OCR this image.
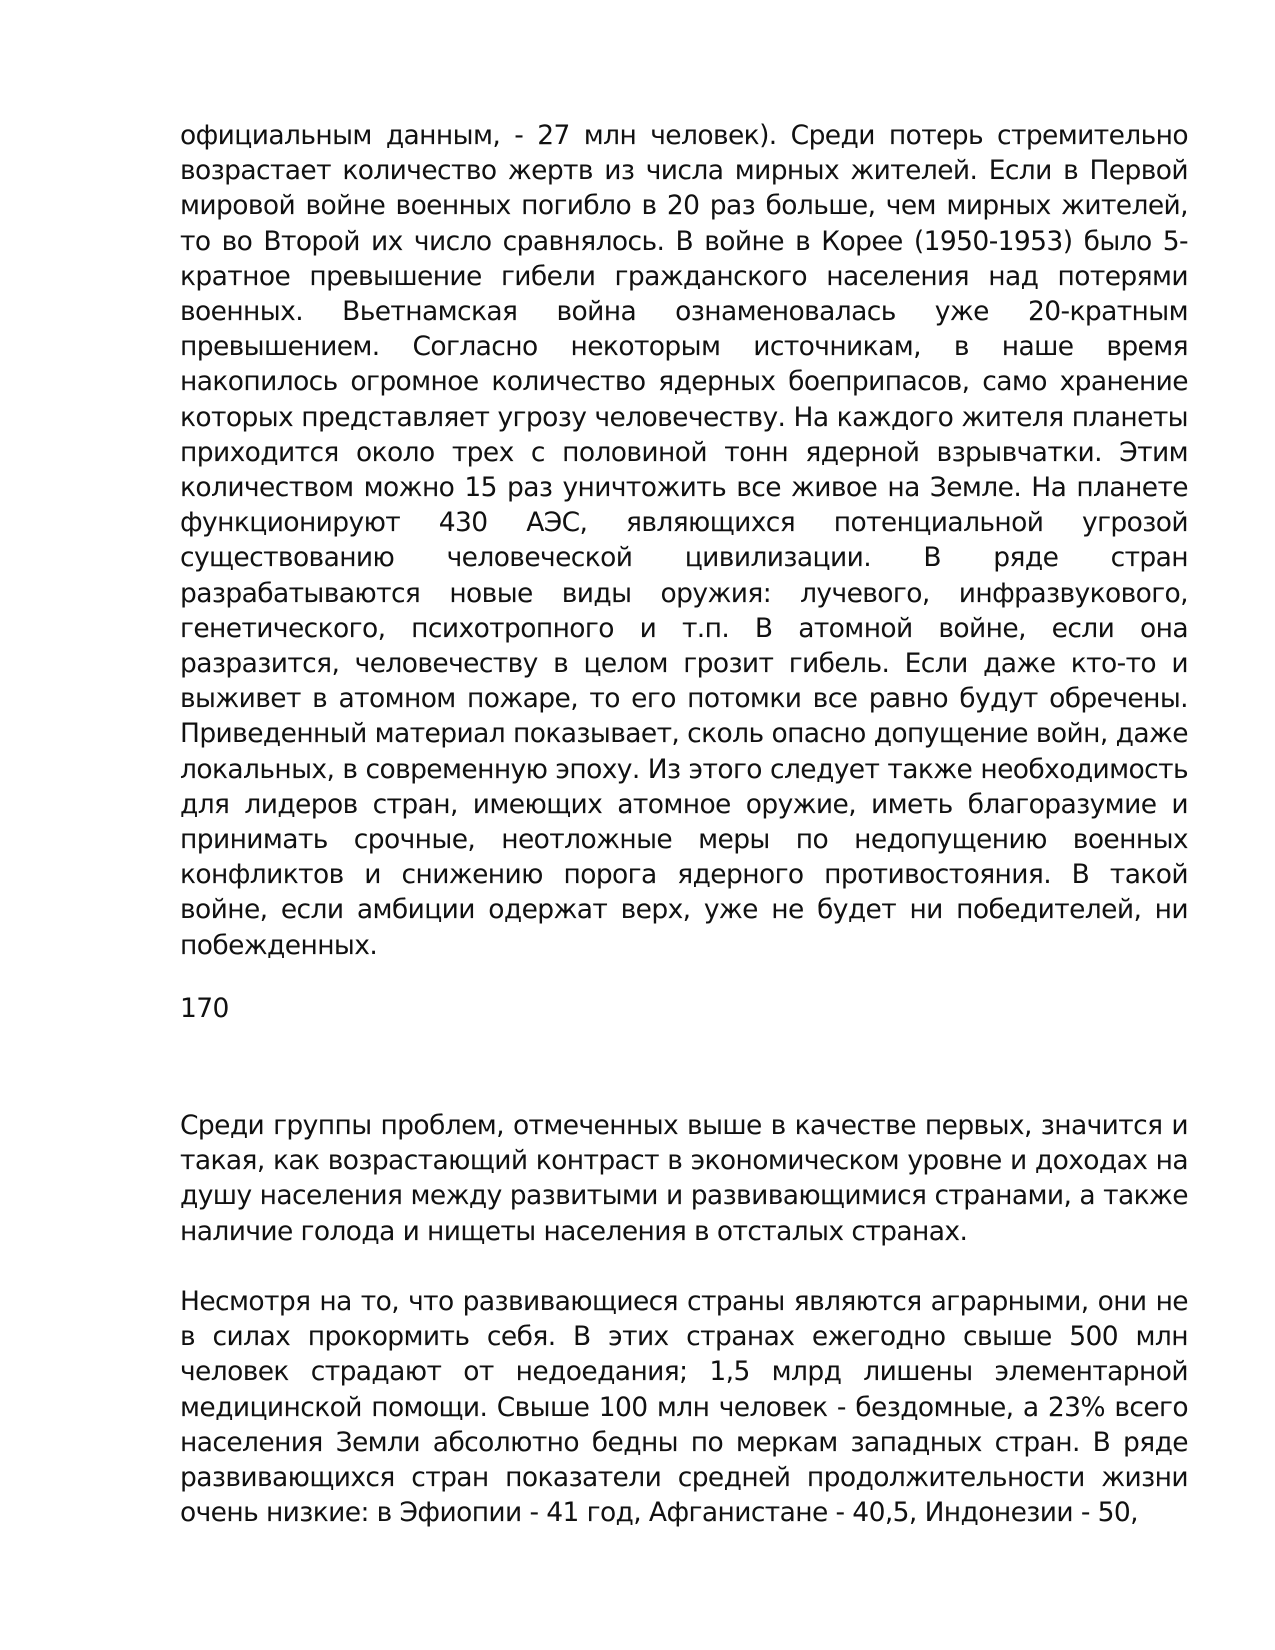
официальным данным, - 27 млн человек). Среди потерь стремительно возрастает количество жертв из числа мирных жителей. Если в Первой мировой войне военных погибло в 20 раз больше, чем мирных жителей, то во Второй их число сравнялось. В войне в Корее (1950-1953) было 5-кратное превышение гибели гражданского населения над потерями военных. Вьетнамская война ознаменовалась уже 20-кратным превышением. Согласно некоторым источникам, в наше время накопилось огромное количество ядерных боеприпасов, само хранение которых представляет угрозу человечеству. На каждого жителя планеты приходится около трех с половиной тонн ядерной взрывчатки. Этим количеством можно 15 раз уничтожить все живое на Земле. На планете функционируют 430 АЭС, являющихся потенциальной угрозой существованию человеческой цивилизации. В ряде стран разрабатываются новые виды оружия: лучевого, инфразвукового, генетического, психотропного и т.п. В атомной войне, если она разразится, человечеству в целом грозит гибель. Если даже кто-то и выживет в атомном пожаре, то его потомки все равно будут обречены. Приведенный материал показывает, сколь опасно допущение войн, даже локальных, в современную эпоху. Из этого следует также необходимость для лидеров стран, имеющих атомное оружие, иметь благоразумие и принимать срочные, неотложные меры по недопущению военных конфликтов и снижению порога ядерного противостояния. В такой войне, если амбиции одержат верх, уже не будет ни победителей, ни побежденных.

170

Среди группы проблем, отмеченных выше в качестве первых, значится и такая, как возрастающий контраст в экономическом уровне и доходах на душу населения между развитыми и развивающимися странами, а также наличие голода и нищеты населения в отсталых странах.

Несмотря на то, что развивающиеся страны являются аграрными, они не в силах прокормить себя. В этих странах ежегодно свыше 500 млн человек страдают от недоедания; 1,5 млрд лишены элементарной медицинской помощи. Свыше 100 млн человек - бездомные, а 23% всего населения Земли абсолютно бедны по меркам западных стран. В ряде развивающихся стран показатели средней продолжительности жизни очень низкие: в Эфиопии - 41 год, Афганистане - 40,5, Индонезии - 50,
